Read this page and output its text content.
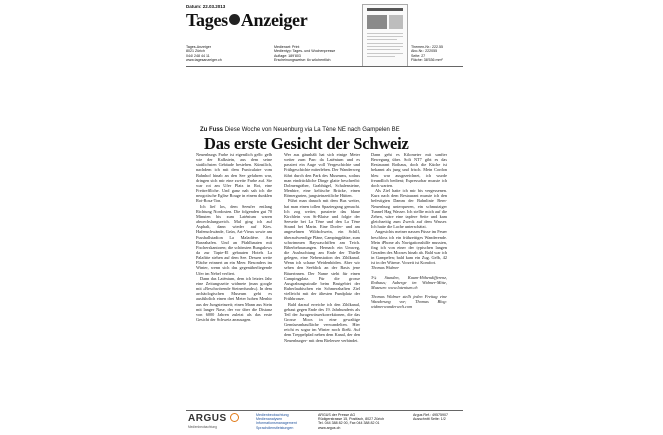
Datum: 22.03.2013
Tages Anzeiger
Tages-Anzeiger
8021 Zürich
044/ 248 44 11
www.tagesanzeiger.ch
Medienart: Print
Medientyp: Tages- und Wochenpresse
Auflage: 189'803
Erscheinungsweise: 6x wöchentlich
Themen-Nr.: 222.55
Abo-Nr.: 222055
Seite: 27
Fläche: 38'536 mm²
Zu Fuss Diese Woche von Neuenburg via La Tène NE nach Gampelen BE
Das erste Gesicht der Schweiz

Neuenburgs Farbe ist eigentlich gelb: gelb wie der Kalkstein, aus dem seine stattlichsten Gebäude bestehen. Künstlich, nachdem ich mit dem Funiculaire vom Bahnhof hinab an den See gefahren war, dringen sich mir eine zweite Farbe auf. Sie war rot am Ufer Platz in Rot, eine Freitreffliche. Und ganz nah sah ich die neogotische Eglise Rouge in einem dunklen Rot-Rosa-Ton.

Ich lief los, dem Seeufer entlang Richtung Nordosten. Die folgenden gut 70 Minuten bis zum Laténium waren abwechslungsreich. Mal ging ich auf Asphalt, dann wieder auf Kies. Hafenschwände, Grün, Art-Vieux sowie am Fussballstadion La Maladière. Am Baseahafen. Und an Pfahlbauten mit Fischerskantoren; die schönsten Bungalows da zur Tapie-El gebauten Hotels La Palafitte stehen auf dem See. Dessen weite Fläche erinnert an ein Meer. Besonders im Winter, wenn sich das gegenüberliegende Ufer im Nebel verliert.

Dann das Laténium, dem ich letztes Jahr eine Zeitungsseite widmete (man google mit »Beschwörende Steinerfunde«). In dem archäologischen Museum geht es ausführlich einen drei Meter hohen Menhir aus der Jungsteinzeit; einen Mann aus Stein mit langer Nase, der vor über die Distanz von 6000 Jahren zuletzt als das erste Gesicht der Schweiz anzusagen.

Wer aus gäunhält hat sich einige Meter weiter zum Parc da Laténium und es passiert ein Auge voll Vergeschichte und Frühgeschichte miterleben. Der Wanderweg führt durch den Park des Museums, sodass man eindrückliche Dinge glatte beschreibt: Dolmengräber, Grabhügel, Schalensteine, Menhire, eine keltische Brücke, einen Römergarten, jungsteinzeitliche Hütten.

Führt man danach mit dem Bus weiter, hat man einen tollen Spaziergang gemacht. Ich zog weiter, passierte das blaue Kirchlein von St-Blaise und folgte der Seeseite bei La Tène und den La Tène Strand bei Marin. Eine Dorfer- und am angesehnen Wildschwein, ein Schilf, überaufwendige Pläne, Campingplätze, zum schwimmen Baywaschiffen am Teich. Biberbehausungen. Hernach ein Umweg, die Ausbuchtung am Ende der Thielle gelegen, eine Nebenstation des Zihlkanal. Wenn ich schaue Weidenböden. Aber wir sehen den Seeblick an der Basis jene Bäuerinnen. Der Name steht für einen Campingplatz. Für die grosse Ausgrabungsstraße beim Brutgebiet der Ruberlaubischen ein Schmerzhaften Ziel vielleicht mit der ältesten Fundplatz der Frühbronze.

Bald darauf erreiche ich den Zihlkanal, gebaut gegen Ende des 19. Jahrhunderts als Teil der Juragewässerkorrektionen, die das Grosse Moos in eine gewaltige Gemüseanbaufläche verwandelten. Hier reicht es sogar im Winter noch fließt. Auf dem Treppelpfad neben dem Kanal, der den Neuenburger- mit dem Bielersee verbindet.

Dann geht es Kilometer mit sanfter Bewegung über. Solt NT7 gibt es das Restaurant Rothaus, doch die Küche ist bekannt als jung und frisch. Mein Cordon bleu war ausgezeichnet, ich wurde freundlich bedient; Espressobar musste ich doch warten.

Als Ziel hatte ich mir bis vergessenen. Kurz nach dem Restaurant musste ich den befestigten Damm der Bahnlinie Bern-Neuenburg unterqueren, ein schmutziger Tunnel Hag Wasser. Ich stellte mich auf die Zehen, wäre eine tapfere Seite und kam gleichzeitig zum Zweck auf dem Wasser. Ich hatte die Lache unterschätzt.

Angesichts meiner nassen Füsse im Feuer beschloss ich ein frühzeitiges Wanderende. Mein iPhone als Navigationshilfe mussten, fing ich von einer der typischen langen Geraden des Mooses hinab ab. Bald war ich in Gampelen; bald kam ein Zug. Gelb, 42 ist in der Wärme. Vorzeit ist Komfort.

Thomas Widmer

3¼ Stunden, Kaum-Höhendifferenz, Rothaus; Auberge im Widmer-Mitte, Museum: www.latenium.ch

Thomas Widmer stellt jeden Freitag eine Wanderung vor; Thomas Blog: widmerwanderwelt.com

ARGUS
Medienbeobachtung
Medienbeobachtung
Medienanalysen
Informationsmanagement
Sprachdienstleistungen
ARGUS der Presse AG
Rüdigerstrasse 15, Postfach, 8027 Zürich
Tel. 044 388 82 00, Fax 044 388 82 01
www.argus.ch
Argus Ref.: 49575907
Ausschnitt Seite: 1/2
